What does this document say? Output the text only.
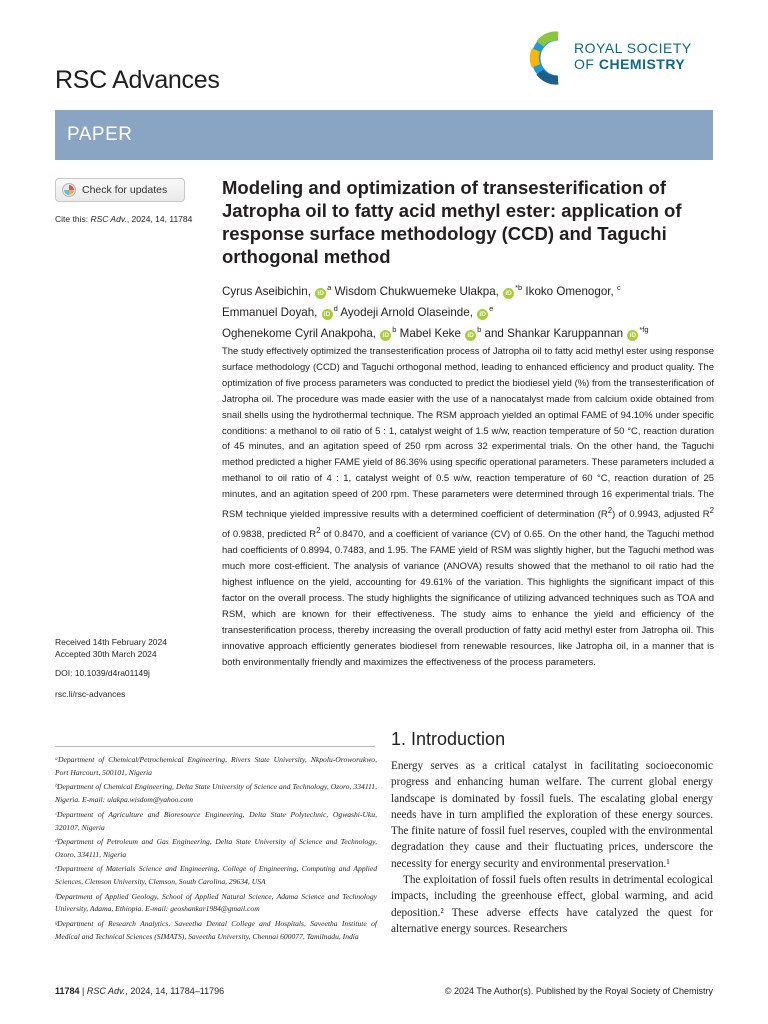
RSC Advances
ROYAL SOCIETY
OF CHEMISTRY
PAPER
Check for updates
Cite this: RSC Adv., 2024, 14, 11784
Received 14th February 2024
Accepted 30th March 2024
DOI: 10.1039/d4ra01149j
rsc.li/rsc-advances
Modeling and optimization of transesterification of Jatropha oil to fatty acid methyl ester: application of response surface methodology (CCD) and Taguchi orthogonal method
Cyrus Aseibichin, iD$^a$ Wisdom Chukwuemeke Ulakpa, iD$^{*b}$ Ikoko Omenogor, $^c$
Emmanuel Doyah, iD$^d$ Ayodeji Arnold Olaseinde, iD$^e$
Oghenekome Cyril Anakpoha, iD$^b$ Mabel Keke iD$^b$ and Shankar Karuppannan iD$^{*fg}$
The study effectively optimized the transesterification process of Jatropha oil to fatty acid methyl ester using response surface methodology (CCD) and Taguchi orthogonal method, leading to enhanced efficiency and product quality. The optimization of five process parameters was conducted to predict the biodiesel yield (%) from the transesterification of Jatropha oil. The procedure was made easier with the use of a nanocatalyst made from calcium oxide obtained from snail shells using the hydrothermal technique. The RSM approach yielded an optimal FAME of 94.10% under specific conditions: a methanol to oil ratio of 5 : 1, catalyst weight of 1.5 w/w, reaction temperature of 50 °C, reaction duration of 45 minutes, and an agitation speed of 250 rpm across 32 experimental trials. On the other hand, the Taguchi method predicted a higher FAME yield of 86.36% using specific operational parameters. These parameters included a methanol to oil ratio of 4 : 1, catalyst weight of 0.5 w/w, reaction temperature of 60 °C, reaction duration of 25 minutes, and an agitation speed of 200 rpm. These parameters were determined through 16 experimental trials. The RSM technique yielded impressive results with a determined coefficient of determination $(R^2)$ of 0.9943, adjusted $R^2$ of 0.9838, predicted $R^2$ of 0.8470, and a coefficient of variance (CV) of 0.65. On the other hand, the Taguchi method had coefficients of 0.8994, 0.7483, and 1.95. The FAME yield of RSM was slightly higher, but the Taguchi method was much more cost-efficient. The analysis of variance (ANOVA) results showed that the methanol to oil ratio had the highest influence on the yield, accounting for 49.61% of the variation. This highlights the significant impact of this factor on the overall process. The study highlights the significance of utilizing advanced techniques such as TOA and RSM, which are known for their effectiveness. The study aims to enhance the yield and efficiency of the transesterification process, thereby increasing the overall production of fatty acid methyl ester from Jatropha oil. This innovative approach efficiently generates biodiesel from renewable resources, like Jatropha oil, in a manner that is both environmentally friendly and maximizes the effectiveness of the process parameters.
ᵃDepartment of Chemical/Petrochemical Engineering, Rivers State University, Nkpolu-Oroworukwo, Port Harcourt, 500101, Nigeria
ᵇDepartment of Chemical Engineering, Delta State University of Science and Technology, Ozoro, 334111, Nigeria. E-mail: ulakpa.wisdom@yahoo.com
ᶜDepartment of Agriculture and Bioresource Engineering, Delta State Polytechnic, Ogwashi-Uku, 320107, Nigeria
ᵈDepartment of Petroleum and Gas Engineering, Delta State University of Science and Technology, Ozoro, 334111, Nigeria
ᵉDepartment of Materials Science and Engineering, College of Engineering, Computing and Applied Sciences, Clemson University, Clemson, South Carolina, 29634, USA
ᶠDepartment of Applied Geology, School of Applied Natural Science, Adama Science and Technology University, Adama, Ethiopia. E-mail: geoshankar1984@gmail.com
ᵍDepartment of Research Analytics, Saveetha Dental College and Hospitals, Saveetha Institute of Medical and Technical Sciences (SIMATS), Saveetha University, Chennai 600077, Tamilnadu, India
1. Introduction

Energy serves as a critical catalyst in facilitating socioeconomic progress and enhancing human welfare. The current global energy landscape is dominated by fossil fuels. The escalating global energy needs have in turn amplified the exploration of these energy sources. The finite nature of fossil fuel reserves, coupled with the environmental degradation they cause and their fluctuating prices, underscore the necessity for energy security and environmental preservation.¹

The exploitation of fossil fuels often results in detrimental ecological impacts, including the greenhouse effect, global warming, and acid deposition.² These adverse effects have catalyzed the quest for alternative energy sources. Researchers

11784 | RSC Adv., 2024, 14, 11784–11796	© 2024 The Author(s). Published by the Royal Society of Chemistry
